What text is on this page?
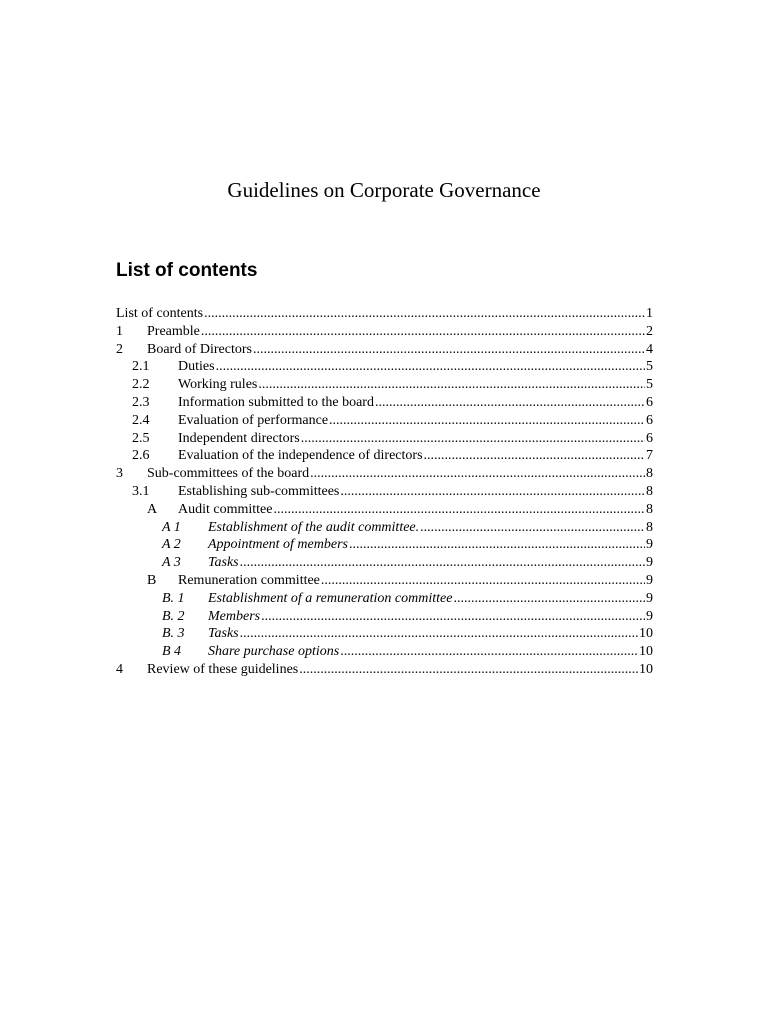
Guidelines on Corporate Governance
List of contents
List of contents .....	1
1	Preamble .....	2
2	Board of Directors .....	4
2.1	Duties .....	5
2.2	Working rules .....	5
2.3	Information submitted to the board .....	6
2.4	Evaluation of performance .....	6
2.5	Independent directors .....	6
2.6	Evaluation of the independence of directors .....	7
3	Sub-committees of the board .....	8
3.1	Establishing sub-committees .....	8
A	Audit committee .....	8
A 1	Establishment of the audit committee. .....	8
A 2	Appointment of members .....	9
A 3	Tasks .....	9
B	Remuneration committee .....	9
B. 1	Establishment of a remuneration committee .....	9
B. 2	Members .....	9
B. 3	Tasks .....	10
B 4	Share purchase options .....	10
4	Review of these guidelines .....	10
